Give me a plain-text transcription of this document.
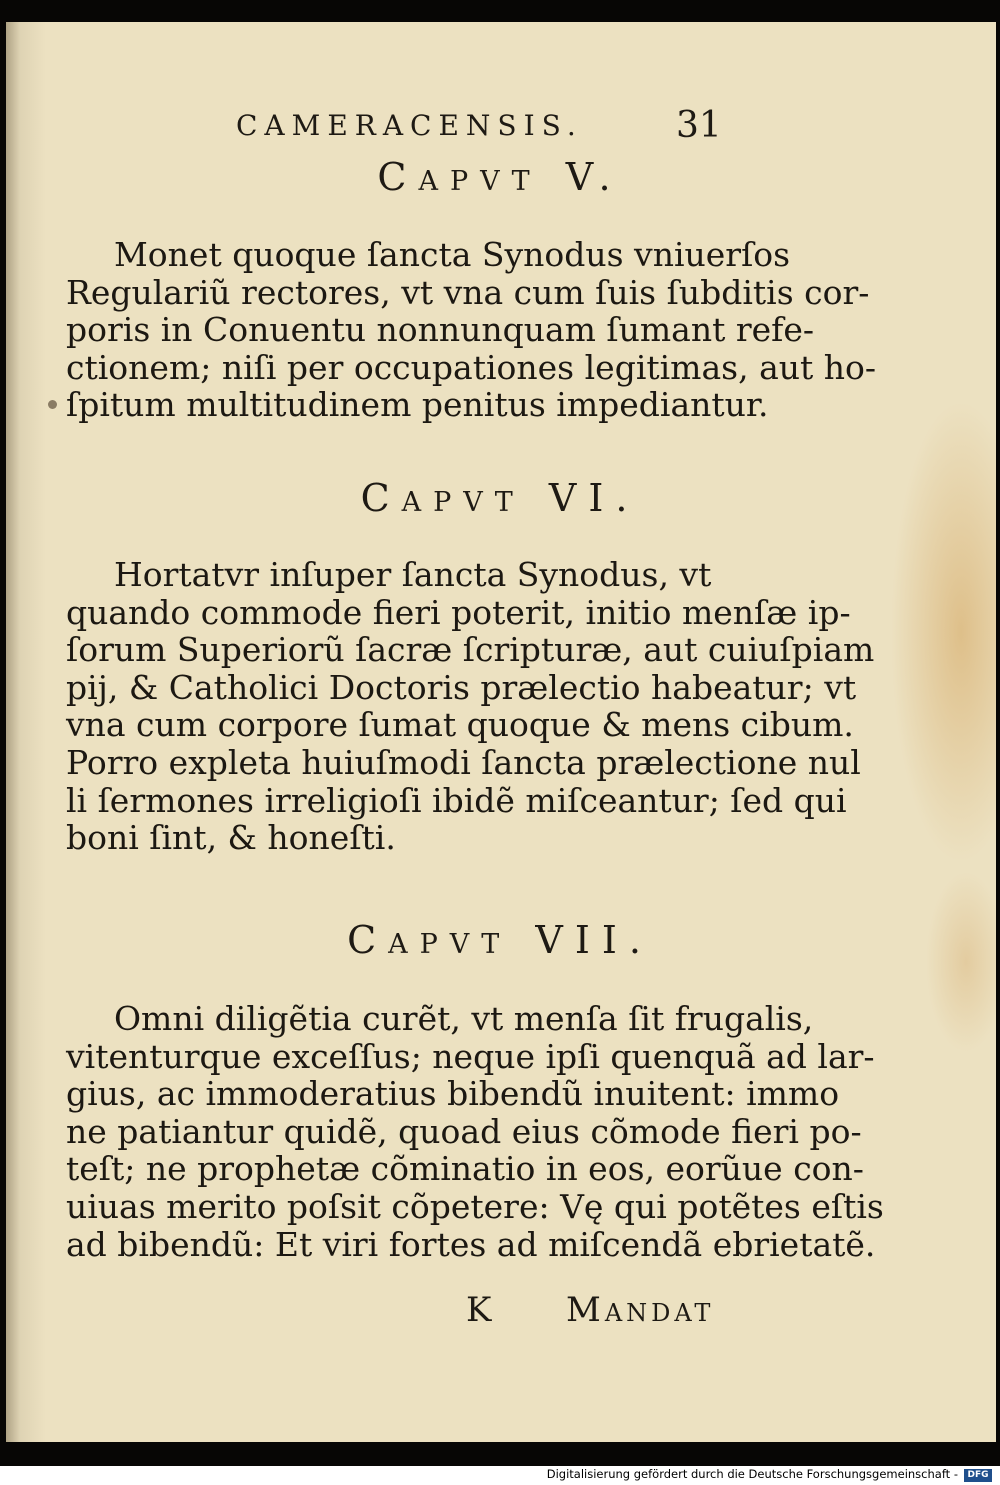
CAMERACENSIS.	31
Capvt V.
Monet quoque ſancta Synodus vniuerſos
Regulariũ rectores, vt vna cum ſuis ſubditis cor-
poris in Conuentu nonnunquam ſumant refe-
ctionem; niſi per occupationes legitimas, aut ho-
ſpitum multitudinem penitus impediantur.
Capvt VI.
Hortatvr inſuper ſancta Synodus, vt
quando commode fieri poterit, initio menſæ ip-
ſorum Superiorũ ſacræ ſcripturæ, aut cuiuſpiam
pij, & Catholici Doctoris prælectio habeatur; vt
vna cum corpore ſumat quoque & mens cibum.
Porro expleta huiuſmodi ſancta prælectione nul
li ſermones irreligioſi ibidẽ miſceantur; ſed qui
boni ſint, & honeſti.
Capvt VII.
Omni diligẽtia curẽt, vt menſa ſit frugalis,
vitenturque exceſſus; neque ipſi quenquã ad lar-
gius, ac immoderatius bibendũ inuitent: immo
ne patiantur quidẽ, quoad eius cõmode fieri po-
teſt; ne prophetæ cõminatio in eos, eorũue con-
uiuas merito poſsit cõpetere: Vę qui potẽtes eſtis
ad bibendũ: Et viri fortes ad miſcendã ebrietatẽ.
K Mandat
Digitalisierung gefördert durch die Deutsche Forschungsgemeinschaft -	DFG
